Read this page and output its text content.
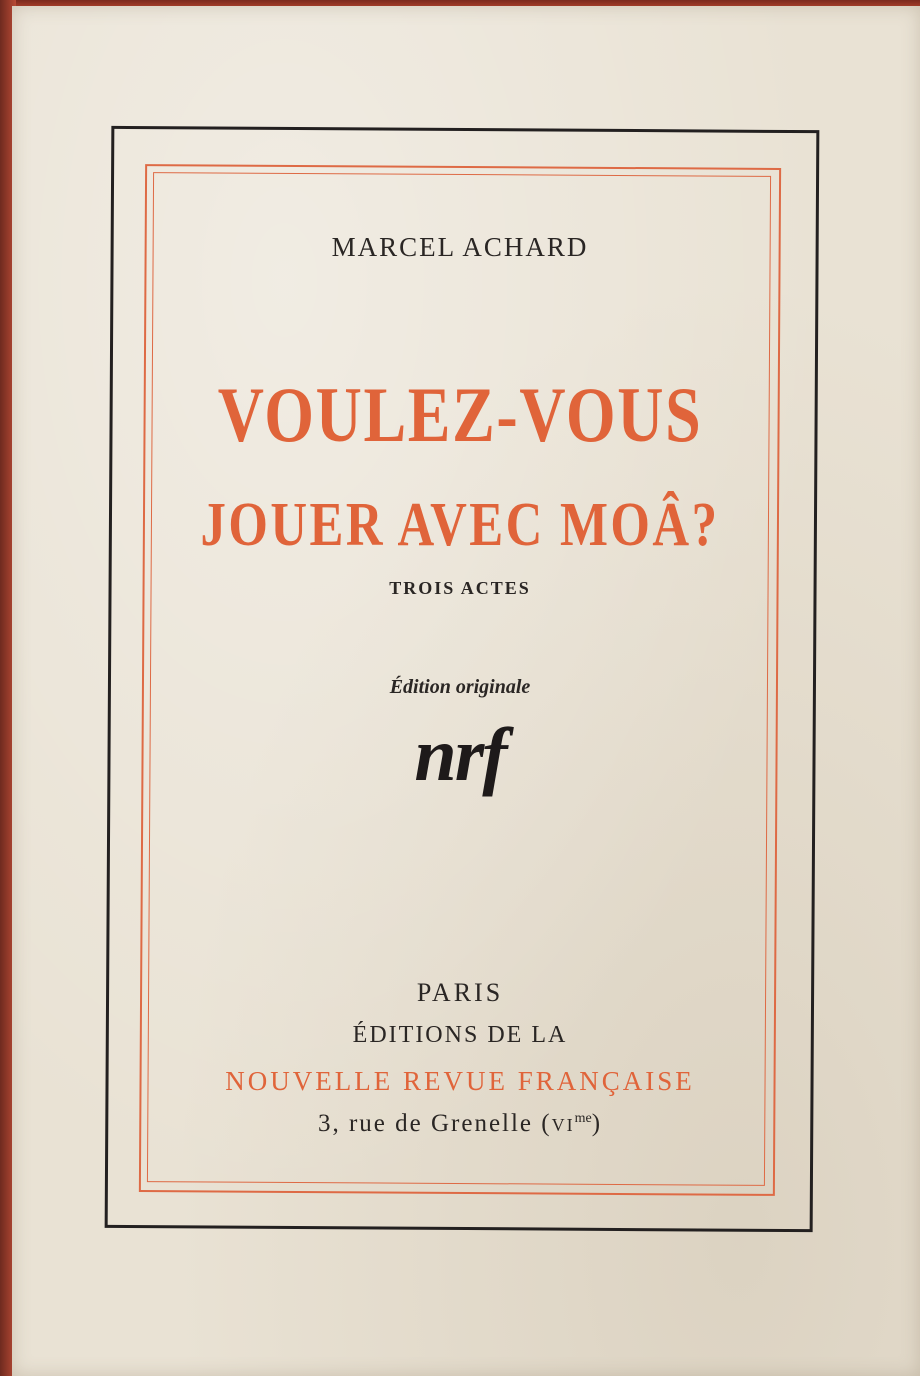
MARCEL ACHARD
VOULEZ-VOUS
JOUER AVEC MOÂ?
TROIS ACTES
Édition originale
nrf
PARIS
ÉDITIONS DE LA
NOUVELLE REVUE FRANÇAISE
3, rue de Grenelle $(vi^{me})$
